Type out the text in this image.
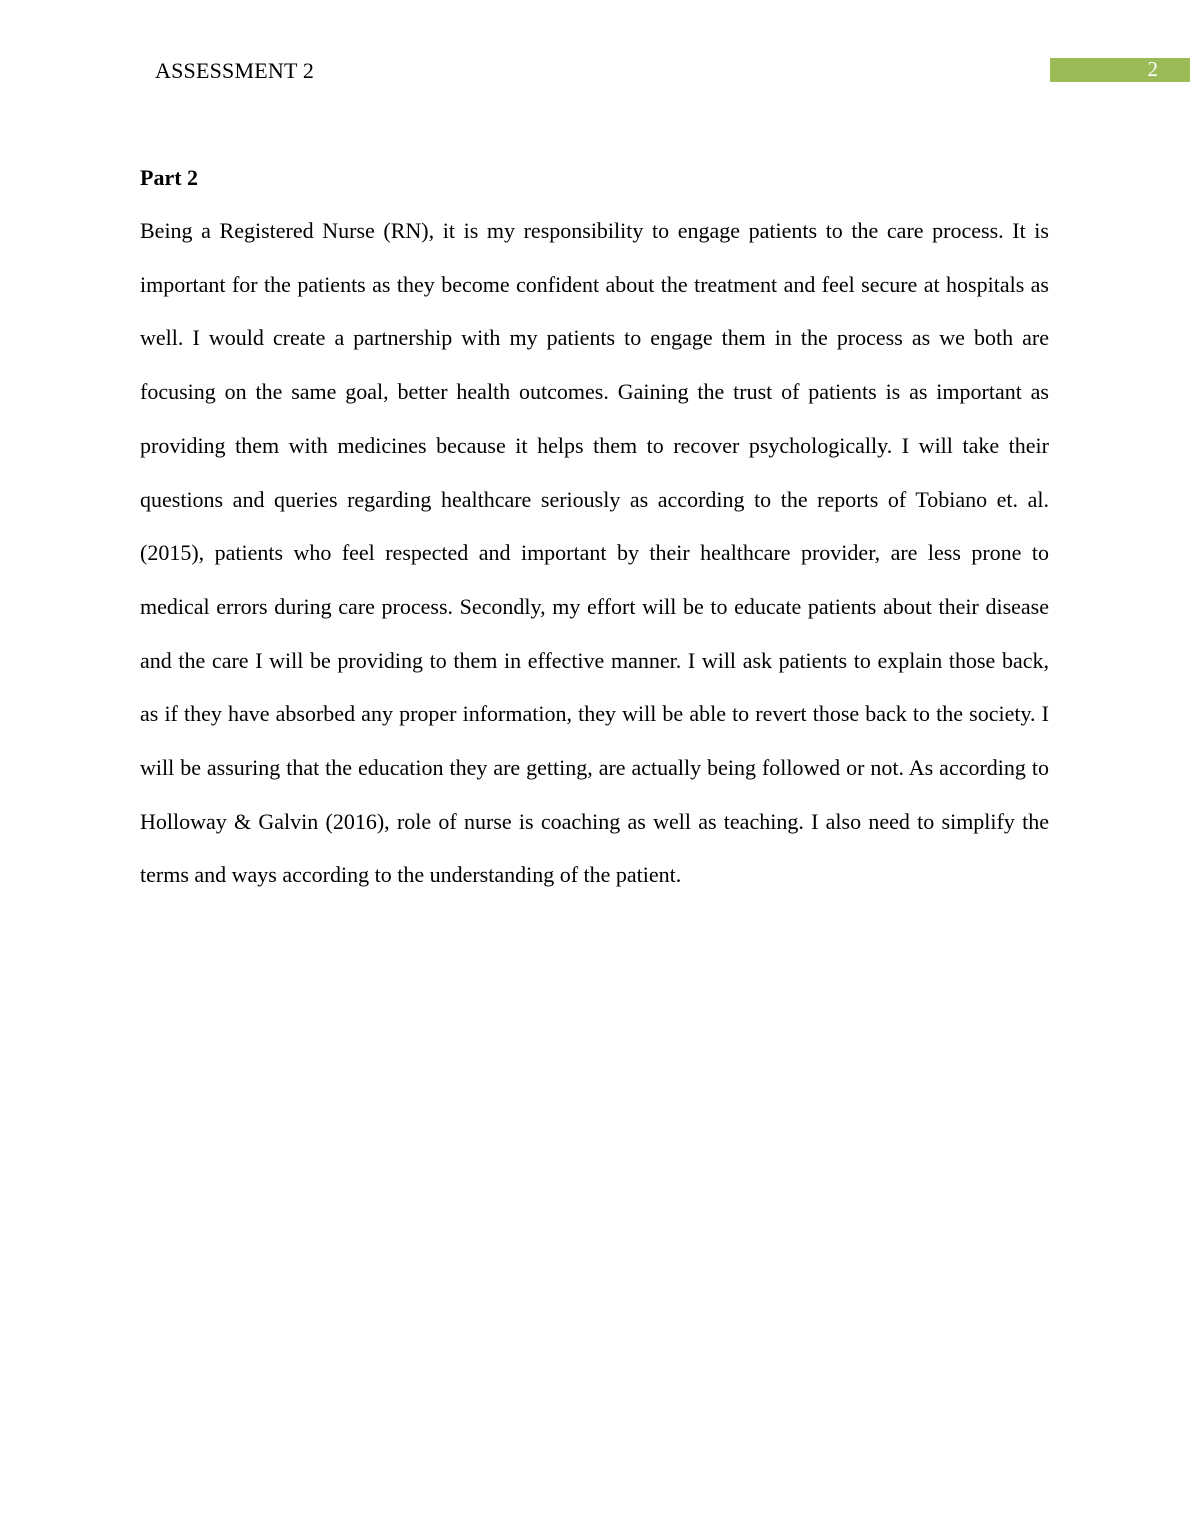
ASSESSMENT 2	2
Part 2

Being a Registered Nurse (RN), it is my responsibility to engage patients to the care process. It is important for the patients as they become confident about the treatment and feel secure at hospitals as well. I would create a partnership with my patients to engage them in the process as we both are focusing on the same goal, better health outcomes. Gaining the trust of patients is as important as providing them with medicines because it helps them to recover psychologically. I will take their questions and queries regarding healthcare seriously as according to the reports of Tobiano et. al. (2015), patients who feel respected and important by their healthcare provider, are less prone to medical errors during care process. Secondly, my effort will be to educate patients about their disease and the care I will be providing to them in effective manner. I will ask patients to explain those back, as if they have absorbed any proper information, they will be able to revert those back to the society. I will be assuring that the education they are getting, are actually being followed or not. As according to Holloway & Galvin (2016), role of nurse is coaching as well as teaching. I also need to simplify the terms and ways according to the understanding of the patient.
